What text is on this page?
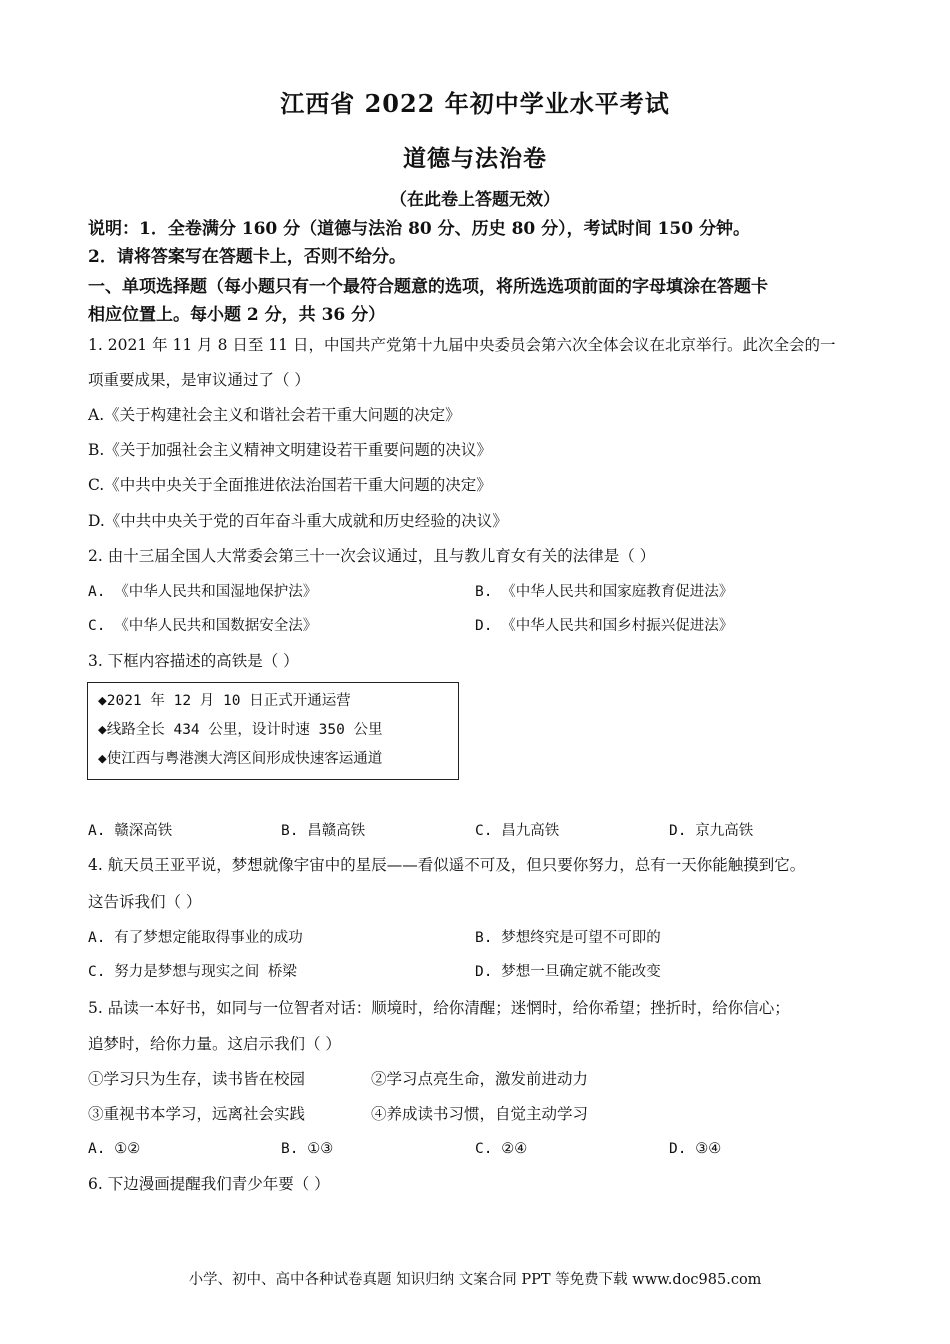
江西省 2022 年初中学业水平考试
道德与法治卷
（在此卷上答题无效）
说明：1．全卷满分 160 分（道德与法治 80 分、历史 80 分），考试时间 150 分钟。
2．请将答案写在答题卡上，否则不给分。
一、单项选择题（每小题只有一个最符合题意的选项，将所选选项前面的字母填涂在答题卡
相应位置上。每小题 2 分，共 36 分）
1. 2021 年 11 月 8 日至 11 日，中国共产党第十九届中央委员会第六次全体会议在北京举行。此次全会的一
项重要成果，是审议通过了（ ）
A.《关于构建社会主义和谐社会若干重大问题的决定》
B.《关于加强社会主义精神文明建设若干重要问题的决议》
C.《中共中央关于全面推进依法治国若干重大问题的决定》
D.《中共中央关于党的百年奋斗重大成就和历史经验的决议》
2. 由十三届全国人大常委会第三十一次会议通过，且与教儿育女有关的法律是（ ）
A. 《中华人民共和国湿地保护法》	B. 《中华人民共和国家庭教育促进法》
C. 《中华人民共和国数据安全法》	D. 《中华人民共和国乡村振兴促进法》
3. 下框内容描述的高铁是（ ）
◆2021 年 12 月 10 日正式开通运营
◆线路全长 434 公里，设计时速 350 公里
◆使江西与粤港澳大湾区间形成快速客运通道
A. 赣深高铁	B. 昌赣高铁	C. 昌九高铁	D. 京九高铁
4. 航天员王亚平说，梦想就像宇宙中的星辰——看似遥不可及，但只要你努力，总有一天你能触摸到它。
这告诉我们（ ）
A. 有了梦想定能取得事业的成功	B. 梦想终究是可望不可即的
C. 努力是梦想与现实之间 桥梁	D. 梦想一旦确定就不能改变
5. 品读一本好书，如同与一位智者对话：顺境时，给你清醒；迷惘时，给你希望；挫折时，给你信心；
追梦时，给你力量。这启示我们（ ）
①学习只为生存，读书皆在校园	②学习点亮生命，激发前进动力
③重视书本学习，远离社会实践	④养成读书习惯，自觉主动学习
A. ①②	B. ①③	C. ②④	D. ③④
6. 下边漫画提醒我们青少年要（ ）
小学、初中、高中各种试卷真题 知识归纳 文案合同 PPT 等免费下载 www.doc985.com
